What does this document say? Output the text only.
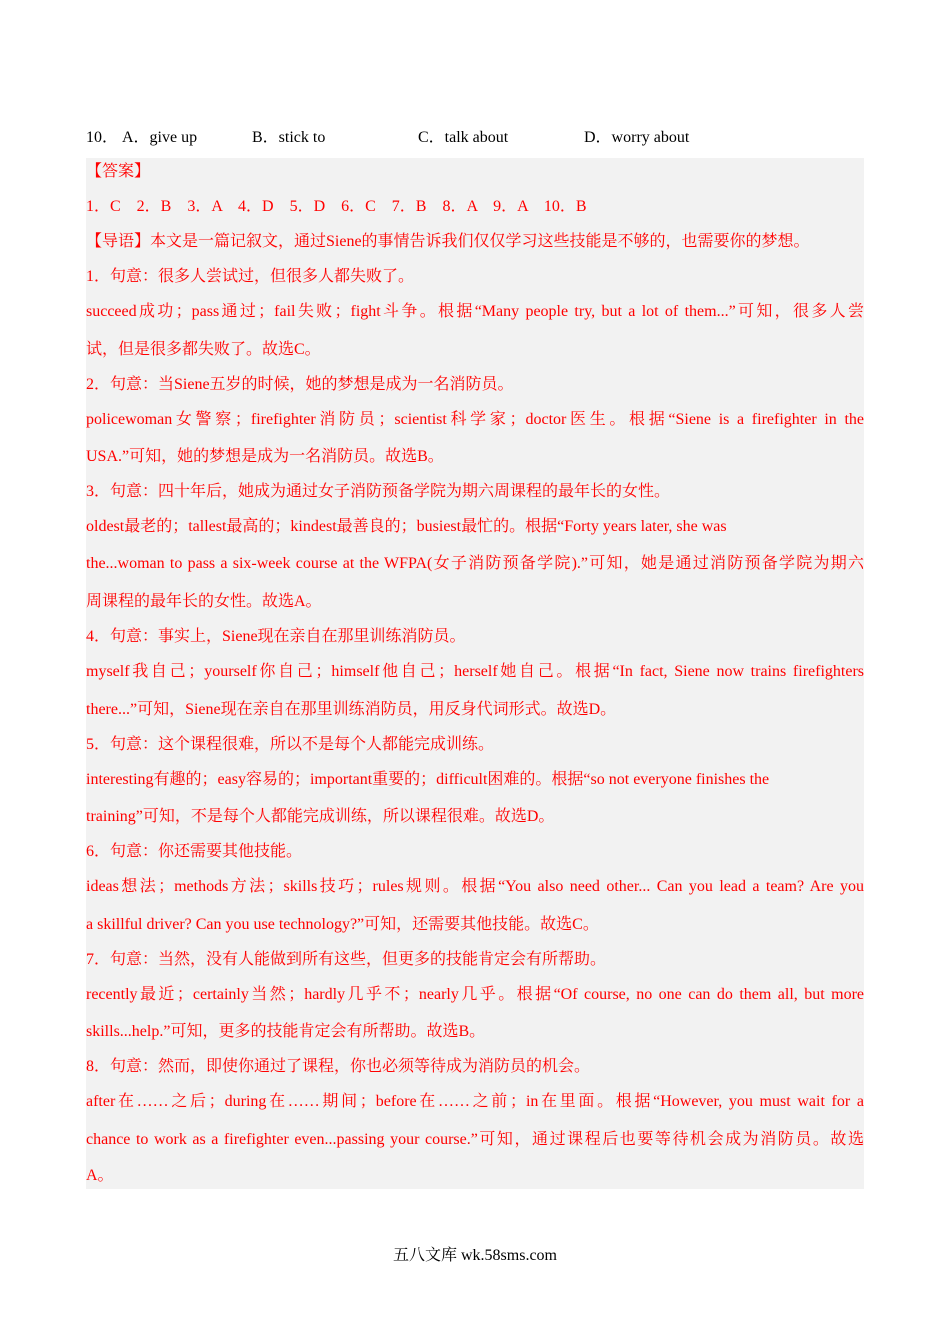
10． A．give up	B．stick to	C．talk about	D．worry about
【答案】
1．C　2．B　3．A　4．D　5．D　6．C　7．B　8．A　9．A　10．B
【导语】本文是一篇记叙文，通过Siene的事情告诉我们仅仅学习这些技能是不够的，也需要你的梦想。
1．句意：很多人尝试过，但很多人都失败了。
succeed成功；pass通过；fail失败；fight斗争。根据“Many people try, but a lot of them...”可知，很多人尝
试，但是很多都失败了。故选C。
2．句意：当Siene五岁的时候，她的梦想是成为一名消防员。
policewoman女警察；firefighter消防员；scientist科学家；doctor医生。根据“Siene is a firefighter in the
USA.”可知，她的梦想是成为一名消防员。故选B。
3．句意：四十年后，她成为通过女子消防预备学院为期六周课程的最年长的女性。
oldest最老的；tallest最高的；kindest最善良的；busiest最忙的。根据“Forty years later, she was
the...woman to pass a six-week course at the WFPA(女子消防预备学院).”可知，她是通过消防预备学院为期六
周课程的最年长的女性。故选A。
4．句意：事实上，Siene现在亲自在那里训练消防员。
myself我自己；yourself你自己；himself他自己；herself她自己。根据“In fact, Siene now trains firefighters
there...”可知，Siene现在亲自在那里训练消防员，用反身代词形式。故选D。
5．句意：这个课程很难，所以不是每个人都能完成训练。
interesting有趣的；easy容易的；important重要的；difficult困难的。根据“so not everyone finishes the
training”可知，不是每个人都能完成训练，所以课程很难。故选D。
6．句意：你还需要其他技能。
ideas想法；methods方法；skills技巧；rules规则。根据“You also need other... Can you lead a team? Are you
a skillful driver? Can you use technology?”可知，还需要其他技能。故选C。
7．句意：当然，没有人能做到所有这些，但更多的技能肯定会有所帮助。
recently最近；certainly当然；hardly几乎不；nearly几乎。根据“Of course, no one can do them all, but more
skills...help.”可知，更多的技能肯定会有所帮助。故选B。
8．句意：然而，即使你通过了课程，你也必须等待成为消防员的机会。
after在……之后；during在……期间；before在……之前；in在里面。根据“However, you must wait for a
chance to work as a firefighter even...passing your course.”可知，通过课程后也要等待机会成为消防员。故选
A。
五八文库 wk.58sms.com
